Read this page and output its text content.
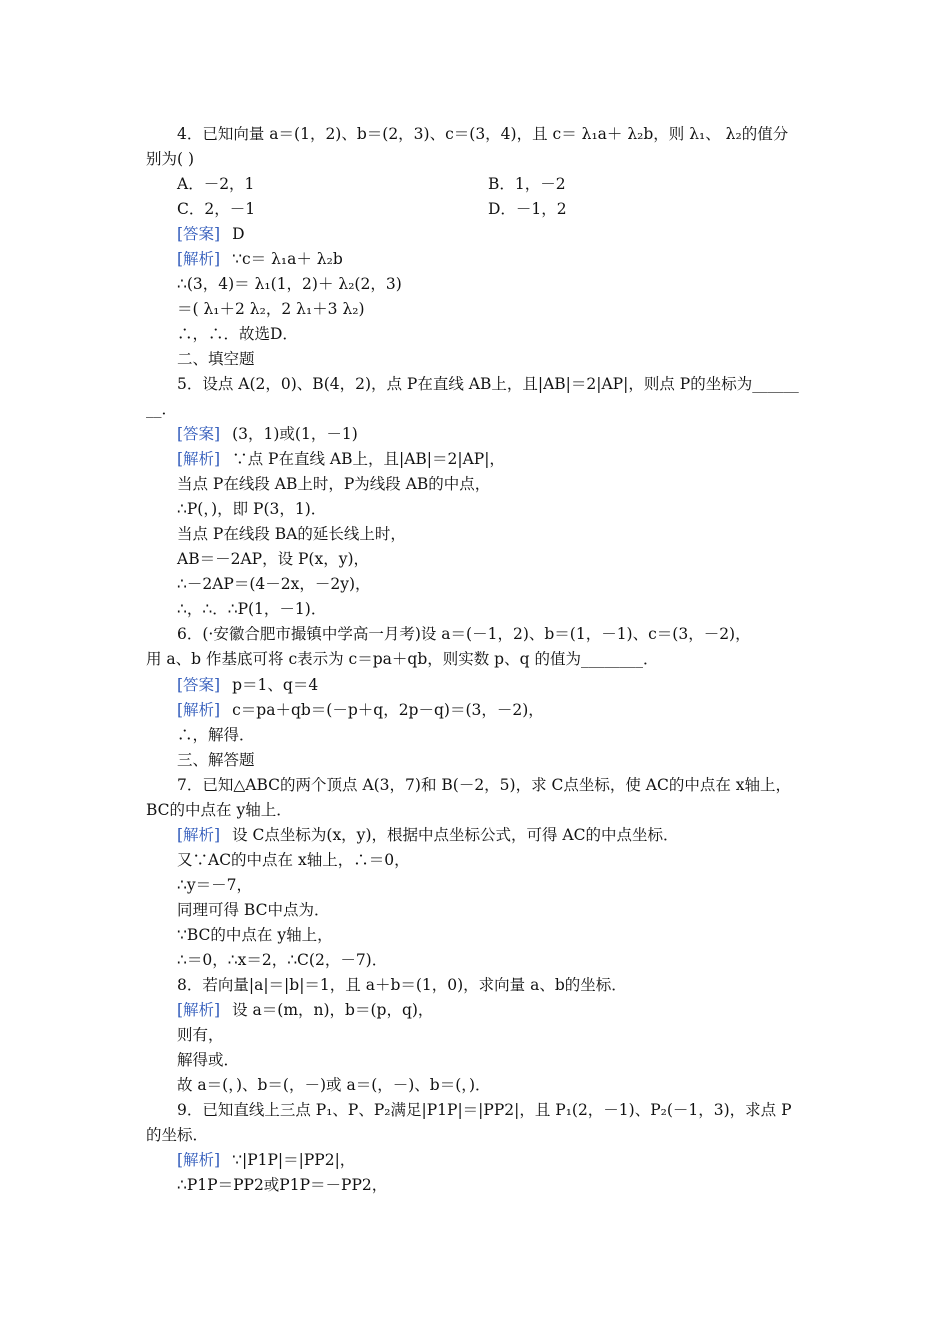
4．已知向量 a＝(1，2)、b＝(2，3)、c＝(3，4)，且 c＝ λ₁a＋ λ₂b，则 λ₁、 λ₂的值分
别为( )
A．－2，1	B．1，－2
C．2，－1	D．－1，2
[答案] D
[解析] ∵c＝ λ₁a＋ λ₂b
∴(3，4)＝ λ₁(1，2)＋ λ₂(2，3)
＝( λ₁＋2 λ₂，2 λ₁＋3 λ₂)
∴，∴．故选D．
二、填空题
5．设点 A(2，0)、B(4，2)，点 P在直线 AB上，且|AB|＝2|AP|，则点 P的坐标为______
__．
[答案] (3，1)或(1，－1)
[解析] ∵点 P在直线 AB上，且|AB|＝2|AP|，
当点 P在线段 AB上时，P为线段 AB的中点，
∴P(，)，即 P(3，1)．
当点 P在线段 BA的延长线上时，
AB＝－2AP，设 P(x，y)，
∴－2AP＝(4－2x，－2y)，
∴，∴．∴P(1，－1)．
6．(·安徽合肥市撮镇中学高一月考)设 a＝(－1，2)、b＝(1，－1)、c＝(3，－2)，
用 a、b 作基底可将 c表示为 c＝pa＋qb，则实数 p、q 的值为________．
[答案] p＝1、q＝4
[解析] c＝pa＋qb＝(－p＋q，2p－q)＝(3，－2)，
∴，解得．
三、解答题
7．已知△ABC的两个顶点 A(3，7)和 B(－2，5)，求 C点坐标，使 AC的中点在 x轴上，
BC的中点在 y轴上．
[解析] 设 C点坐标为(x，y)，根据中点坐标公式，可得 AC的中点坐标．
又∵AC的中点在 x轴上，∴＝0，
∴y＝－7，
同理可得 BC中点为．
∵BC的中点在 y轴上，
∴＝0，∴x＝2，∴C(2，－7)．
8．若向量|a|＝|b|＝1，且 a＋b＝(1，0)，求向量 a、b的坐标．
[解析] 设 a＝(m，n)，b＝(p，q)，
则有，
解得或．
故 a＝(，)、b＝(，－)或 a＝(，－)、b＝(，)．
9．已知直线上三点 P₁、P、P₂满足|P1P|＝|PP2|，且 P₁(2，－1)、P₂(－1，3)，求点 P
的坐标．
[解析] ∵|P1P|＝|PP2|，
∴P1P＝PP2或P1P＝－PP2，
